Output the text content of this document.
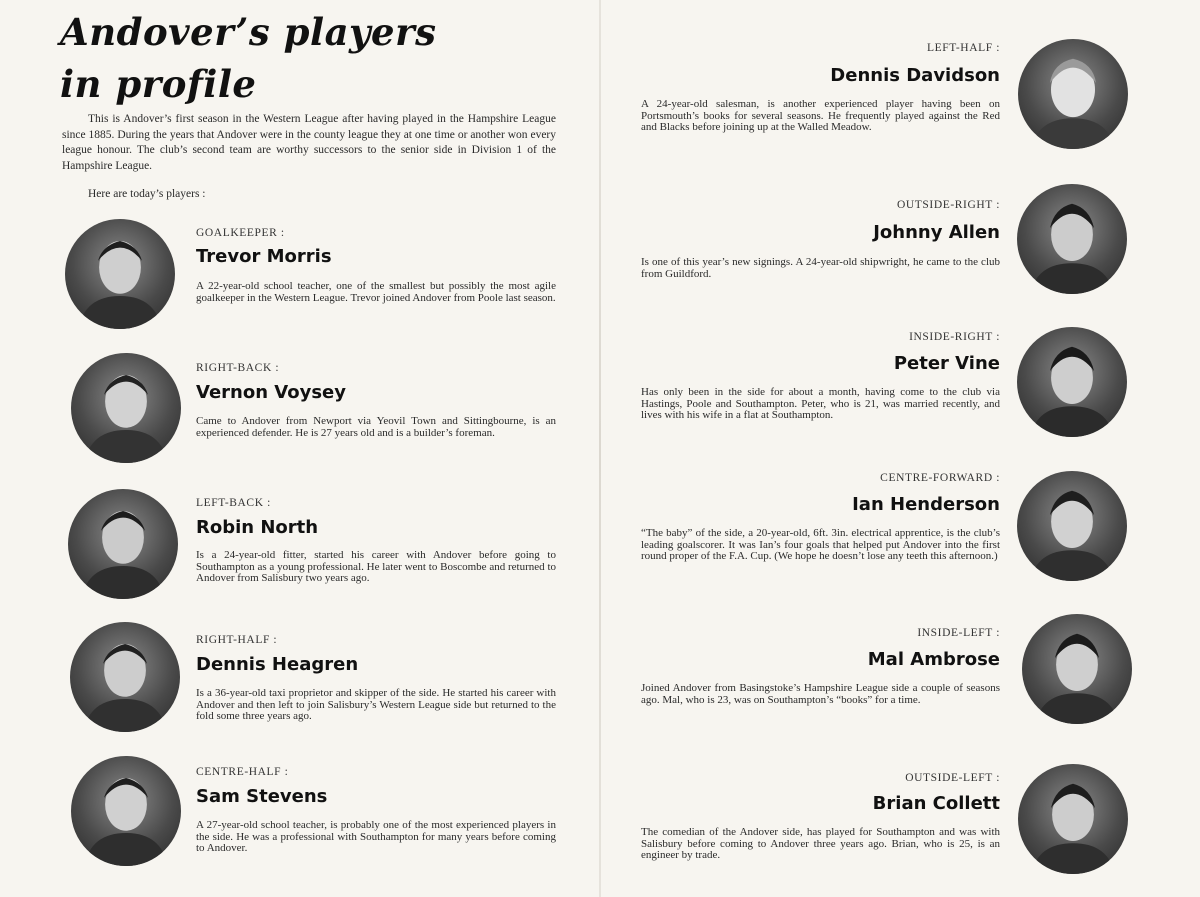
Andover’s players
in profile

This is Andover’s first season in the Western League after having played in the Hampshire League since 1885. During the years that Andover were in the county league they at one time or another won every league honour. The club’s second team are worthy successors to the senior side in Division 1 of the Hampshire League.

Here are today’s players :

GOALKEEPER :

Trevor Morris

A 22-year-old school teacher, one of the smallest but possibly the most agile goalkeeper in the Western League. Trevor joined Andover from Poole last season.

RIGHT-BACK :

Vernon Voysey

Came to Andover from Newport via Yeovil Town and Sittingbourne, is an experienced defender. He is 27 years old and is a builder’s foreman.

LEFT-BACK :

Robin North

Is a 24-year-old fitter, started his career with Andover before going to Southampton as a young professional. He later went to Boscombe and returned to Andover from Salisbury two years ago.

RIGHT-HALF :

Dennis Heagren

Is a 36-year-old taxi proprietor and skipper of the side. He started his career with Andover and then left to join Salisbury’s Western League side but returned to the fold some three years ago.

CENTRE-HALF :

Sam Stevens

A 27-year-old school teacher, is probably one of the most experienced players in the side. He was a professional with Southampton for many years before coming to Andover.

LEFT-HALF :

Dennis Davidson

A 24-year-old salesman, is another experienced player having been on Portsmouth’s books for several seasons. He frequently played against the Red and Blacks before joining up at the Walled Meadow.

OUTSIDE-RIGHT :

Johnny Allen

Is one of this year’s new signings. A 24-year-old shipwright, he came to the club from Guildford.

INSIDE-RIGHT :

Peter Vine

Has only been in the side for about a month, having come to the club via Hastings, Poole and Southampton. Peter, who is 21, was married recently, and lives with his wife in a flat at Southampton.

CENTRE-FORWARD :

Ian Henderson

“The baby” of the side, a 20-year-old, 6ft. 3in. electrical apprentice, is the club’s leading goalscorer. It was Ian’s four goals that helped put Andover into the first round proper of the F.A. Cup. (We hope he doesn’t lose any teeth this afternoon.)

INSIDE-LEFT :

Mal Ambrose

Joined Andover from Basingstoke’s Hampshire League side a couple of seasons ago. Mal, who is 23, was on Southampton’s “books” for a time.

OUTSIDE-LEFT :

Brian Collett

The comedian of the Andover side, has played for Southampton and was with Salisbury before coming to Andover three years ago. Brian, who is 25, is an engineer by trade.
